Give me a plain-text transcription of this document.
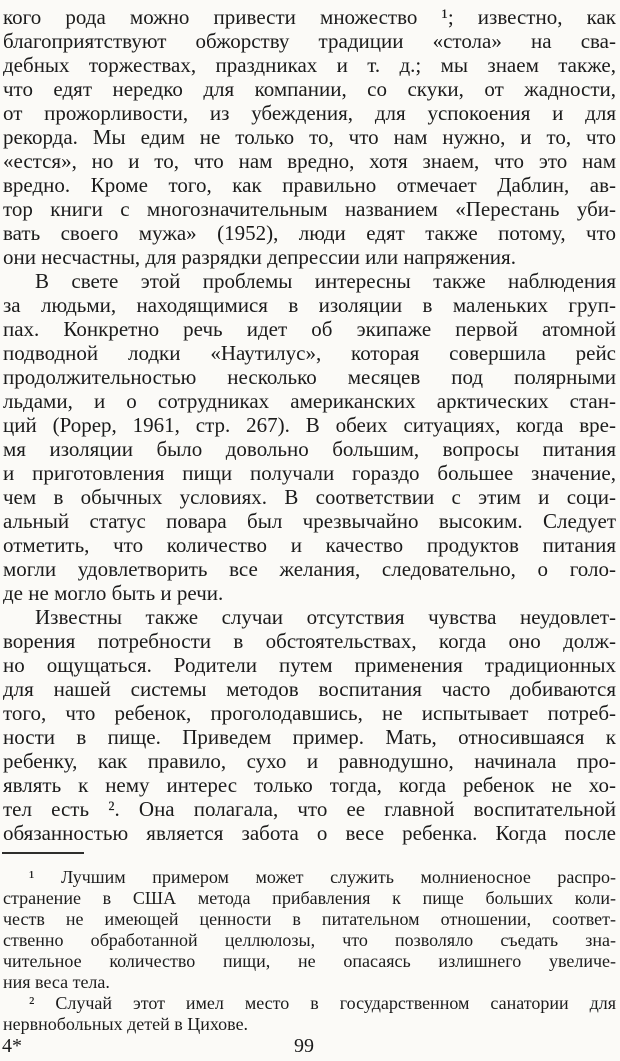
кого рода можно привести множество ¹; известно, как
благоприятствуют обжорству традиции «стола» на сва-
дебных торжествах, праздниках и т. д.; мы знаем также,
что едят нередко для компании, со скуки, от жадности,
от прожорливости, из убеждения, для успокоения и для
рекорда. Мы едим не только то, что нам нужно, и то, что
«естся», но и то, что нам вредно, хотя знаем, что это нам
вредно. Кроме того, как правильно отмечает Даблин, ав-
тор книги с многозначительным названием «Перестань уби-
вать своего мужа» (1952), люди едят также потому, что
они несчастны, для разрядки депрессии или напряжения.
В свете этой проблемы интересны также наблюдения
за людьми, находящимися в изоляции в маленьких груп-
пах. Конкретно речь идет об экипаже первой атомной
подводной лодки «Наутилус», которая совершила рейс
продолжительностью несколько месяцев под полярными
льдами, и о сотрудниках американских арктических стан-
ций (Рорер, 1961, стр. 267). В обеих ситуациях, когда вре-
мя изоляции было довольно большим, вопросы питания
и приготовления пищи получали гораздо большее значение,
чем в обычных условиях. В соответствии с этим и соци-
альный статус повара был чрезвычайно высоким. Следует
отметить, что количество и качество продуктов питания
могли удовлетворить все желания, следовательно, о голо-
де не могло быть и речи.
Известны также случаи отсутствия чувства неудовлет-
ворения потребности в обстоятельствах, когда оно долж-
но ощущаться. Родители путем применения традиционных
для нашей системы методов воспитания часто добиваются
того, что ребенок, проголодавшись, не испытывает потреб-
ности в пище. Приведем пример. Мать, относившаяся к
ребенку, как правило, сухо и равнодушно, начинала про-
являть к нему интерес только тогда, когда ребенок не хо-
тел есть ². Она полагала, что ее главной воспитательной
обязанностью является забота о весе ребенка. Когда после
¹ Лучшим примером может служить молниеносное распро-
странение в США метода прибавления к пище больших коли-
честв не имеющей ценности в питательном отношении, соответ-
ственно обработанной целлюлозы, что позволяло съедать зна-
чительное количество пищи, не опасаясь излишнего увеличе-
ния веса тела.
² Случай этот имел место в государственном санатории для
нервнобольных детей в Цихове.
4*	99
